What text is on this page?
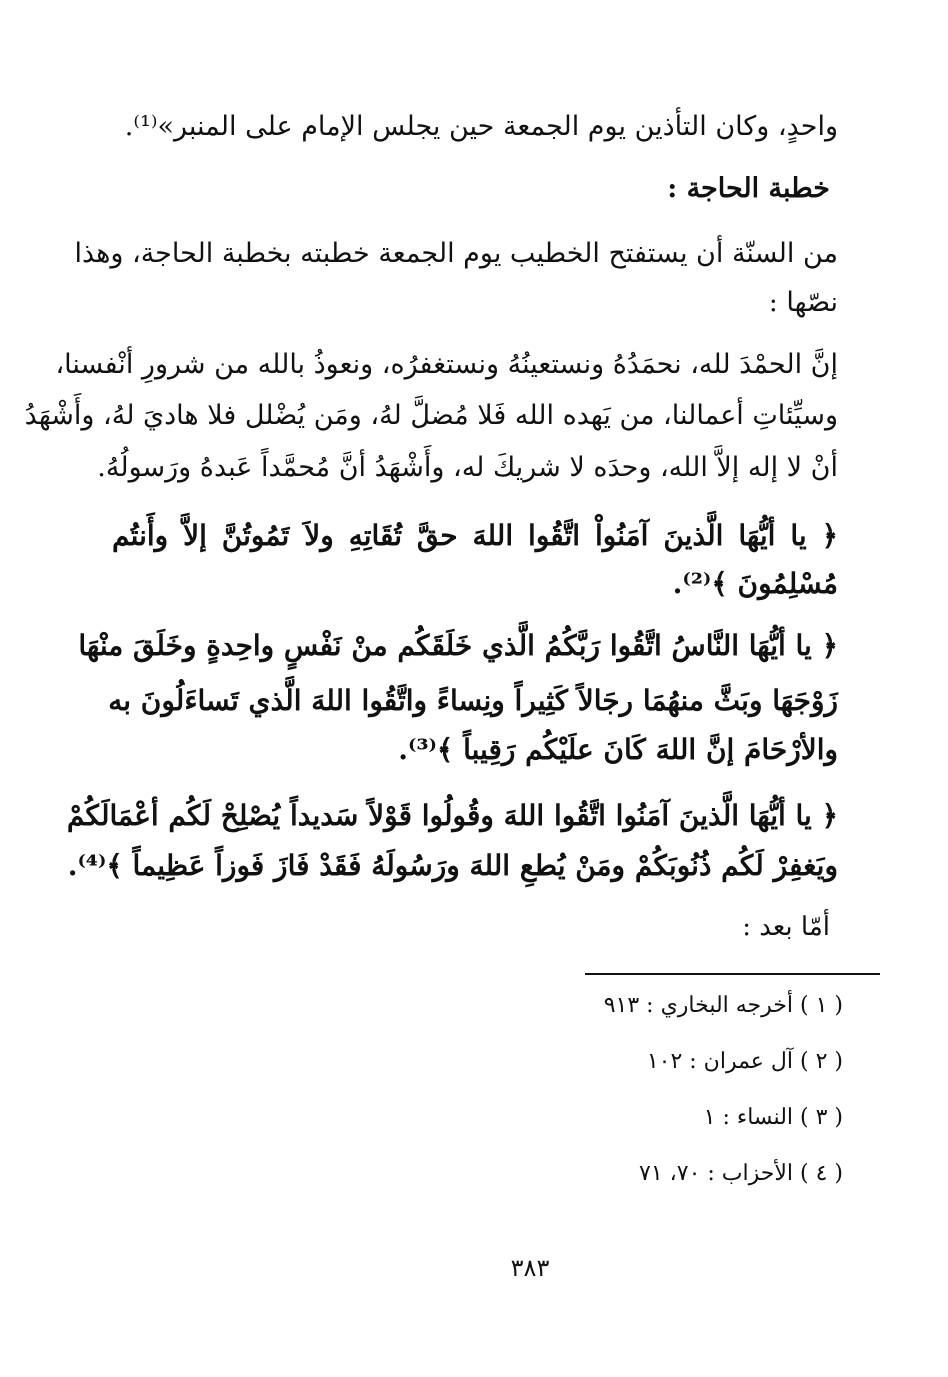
واحدٍ، وكان التأذين يوم الجمعة حين يجلس الإمام على المنبر»⁽¹⁾.
خطبة الحاجة :
من السنّة أن يستفتح الخطيب يوم الجمعة خطبته بخطبة الحاجة، وهذا
نصّها :
إنَّ الحمْدَ لله، نحمَدُهُ ونستعينُهُ ونستغفرُه، ونعوذُ بالله من شرورِ أنْفسنا،
وسيِّئاتِ أعمالنا، من يَهده الله فَلا مُضلَّ لهُ، ومَن يُضْلل فلا هاديَ لهُ، وأَشْهَدُ
أنْ لا إله إلاَّ الله، وحدَه لا شريكَ له، وأَشْهَدُ أنَّ مُحمَّداً عَبدهُ ورَسولُهُ.
﴿ يا أيُّهَا الَّذينَ آمَنُواْ اتَّقُوا اللهَ حقَّ تُقَاتِهِ ولاَ تَمُوتُنَّ إلاَّ وأَنتُم
مُسْلِمُونَ ﴾⁽²⁾.
﴿ يا أيُّهَا النَّاسُ اتَّقُوا رَبَّكُمُ الَّذي خَلَقَكُم منْ نَفْسٍ واحِدةٍ وخَلَقَ منْهَا
زَوْجَهَا وبَثَّ منهُمَا رجَالاً كَثِيراً ونِساءً واتَّقُوا اللهَ الَّذي تَساءَلُونَ به
والأرْحَامَ إنَّ اللهَ كَانَ علَيْكُم رَقِيباً ﴾⁽³⁾.
﴿ يا أيُّهَا الَّذينَ آمَنُوا اتَّقُوا اللهَ وقُولُوا قَوْلاً سَديداً يُصْلِحْ لَكُم أعْمَالَكُمْ
ويَغفِرْ لَكُم ذُنُوبَكُمْ ومَنْ يُطعِ اللهَ ورَسُولَهُ فَقَدْ فَازَ فَوزاً عَظِيماً ﴾⁽⁴⁾.
أمّا بعد :
( ١ ) أخرجه البخاري : ٩١٣
( ٢ ) آل عمران : ١٠٢
( ٣ ) النساء : ١
( ٤ ) الأحزاب : ٧٠، ٧١
٣٨٣
